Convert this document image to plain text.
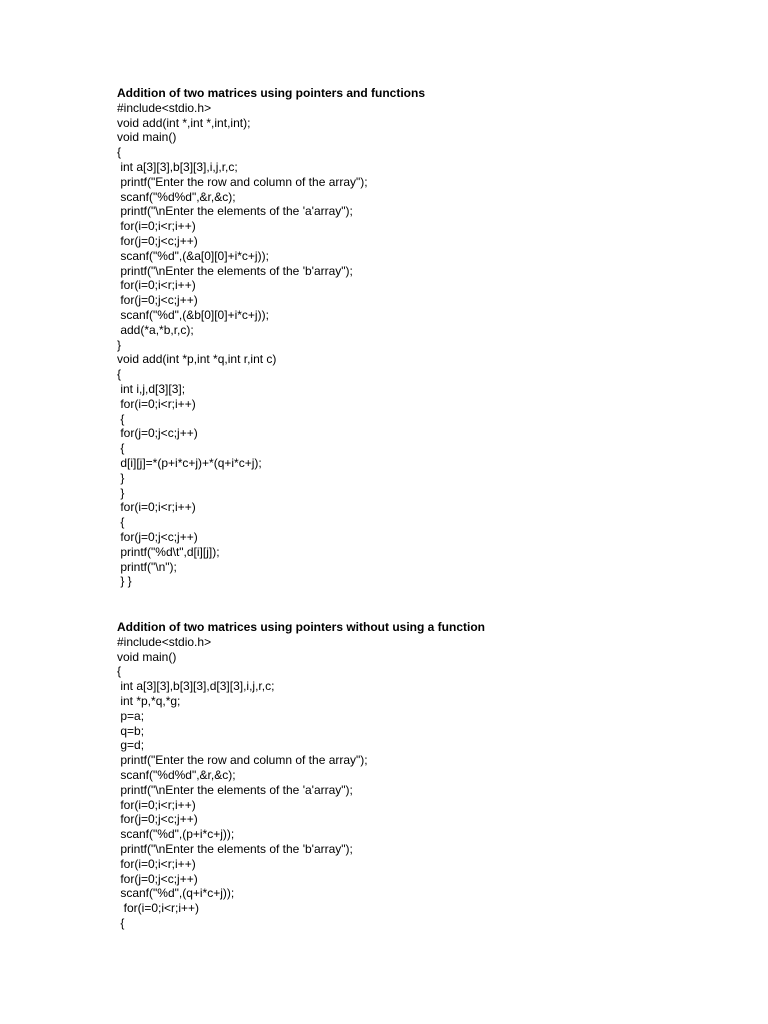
Addition of two matrices using pointers and functions

#include<stdio.h>

void add(int *,int *,int,int);

void main()

{

int a[3][3],b[3][3],i,j,r,c;

printf("Enter the row and column of the array");

scanf("%d%d",&r,&c);

printf("\nEnter the elements of the 'a'array");

for(i=0;i<r;i++)

for(j=0;j<c;j++)

scanf("%d",(&a[0][0]+i*c+j));

printf("\nEnter the elements of the 'b'array");

for(i=0;i<r;i++)

for(j=0;j<c;j++)

scanf("%d",(&b[0][0]+i*c+j));

add(*a,*b,r,c);

}

void add(int *p,int *q,int r,int c)

{

int i,j,d[3][3];

for(i=0;i<r;i++)

{

for(j=0;j<c;j++)

{

d[i][j]=*(p+i*c+j)+*(q+i*c+j);

}

}

for(i=0;i<r;i++)

{

for(j=0;j<c;j++)

printf("%d\t",d[i][j]);

printf("\n");

} }

Addition of two matrices using pointers without using a function

#include<stdio.h>

void main()

{

int a[3][3],b[3][3],d[3][3],i,j,r,c;

int *p,*q,*g;

p=a;

q=b;

g=d;

printf("Enter the row and column of the array");

scanf("%d%d",&r,&c);

printf("\nEnter the elements of the 'a'array");

for(i=0;i<r;i++)

for(j=0;j<c;j++)

scanf("%d",(p+i*c+j));

printf("\nEnter the elements of the 'b'array");

for(i=0;i<r;i++)

for(j=0;j<c;j++)

scanf("%d",(q+i*c+j));

for(i=0;i<r;i++)

{
